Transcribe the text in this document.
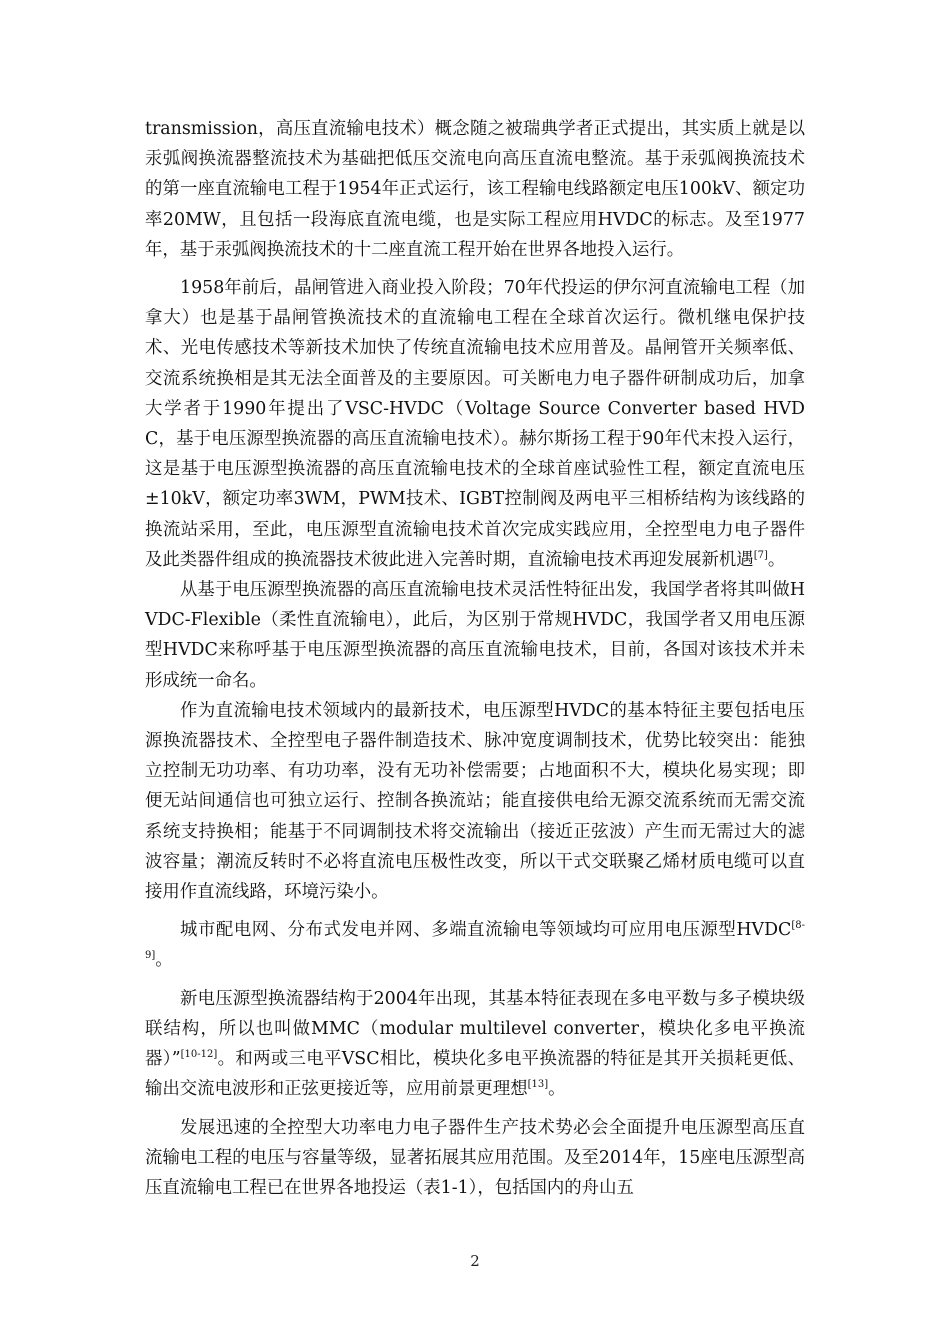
transmission，高压直流输电技术）概念随之被瑞典学者正式提出，其实质上就是以汞弧阀换流器整流技术为基础把低压交流电向高压直流电整流。基于汞弧阀换流技术的第一座直流输电工程于1954年正式运行，该工程输电线路额定电压100kV、额定功率20MW，且包括一段海底直流电缆，也是实际工程应用HVDC的标志。及至1977年，基于汞弧阀换流技术的十二座直流工程开始在世界各地投入运行。

1958年前后，晶闸管进入商业投入阶段；70年代投运的伊尔河直流输电工程（加拿大）也是基于晶闸管换流技术的直流输电工程在全球首次运行。微机继电保护技术、光电传感技术等新技术加快了传统直流输电技术应用普及。晶闸管开关频率低、交流系统换相是其无法全面普及的主要原因。可关断电力电子器件研制成功后，加拿大学者于1990年提出了VSC-HVDC（Voltage Source Converter based HVDC，基于电压源型换流器的高压直流输电技术）。赫尔斯扬工程于90年代末投入运行，这是基于电压源型换流器的高压直流输电技术的全球首座试验性工程，额定直流电压±10kV，额定功率3WM，PWM技术、IGBT控制阀及两电平三相桥结构为该线路的换流站采用，至此，电压源型直流输电技术首次完成实践应用，全控型电力电子器件及此类器件组成的换流器技术彼此进入完善时期，直流输电技术再迎发展新机遇[7]。

从基于电压源型换流器的高压直流输电技术灵活性特征出发，我国学者将其叫做HVDC-Flexible（柔性直流输电），此后，为区别于常规HVDC，我国学者又用电压源型HVDC来称呼基于电压源型换流器的高压直流输电技术，目前，各国对该技术并未形成统一命名。

作为直流输电技术领域内的最新技术，电压源型HVDC的基本特征主要包括电压源换流器技术、全控型电子器件制造技术、脉冲宽度调制技术，优势比较突出：能独立控制无功功率、有功功率，没有无功补偿需要；占地面积不大，模块化易实现；即便无站间通信也可独立运行、控制各换流站；能直接供电给无源交流系统而无需交流系统支持换相；能基于不同调制技术将交流输出（接近正弦波）产生而无需过大的滤波容量；潮流反转时不必将直流电压极性改变，所以干式交联聚乙烯材质电缆可以直接用作直流线路，环境污染小。

城市配电网、分布式发电并网、多端直流输电等领域均可应用电压源型HVDC[8-9]。

新电压源型换流器结构于2004年出现，其基本特征表现在多电平数与多子模块级联结构，所以也叫做MMC（modular multilevel converter，模块化多电平换流器）”[10-12]。和两或三电平VSC相比，模块化多电平换流器的特征是其开关损耗更低、输出交流电波形和正弦更接近等，应用前景更理想[13]。

发展迅速的全控型大功率电力电子器件生产技术势必会全面提升电压源型高压直流输电工程的电压与容量等级，显著拓展其应用范围。及至2014年，15座电压源型高压直流输电工程已在世界各地投运（表1-1），包括国内的舟山五

2
